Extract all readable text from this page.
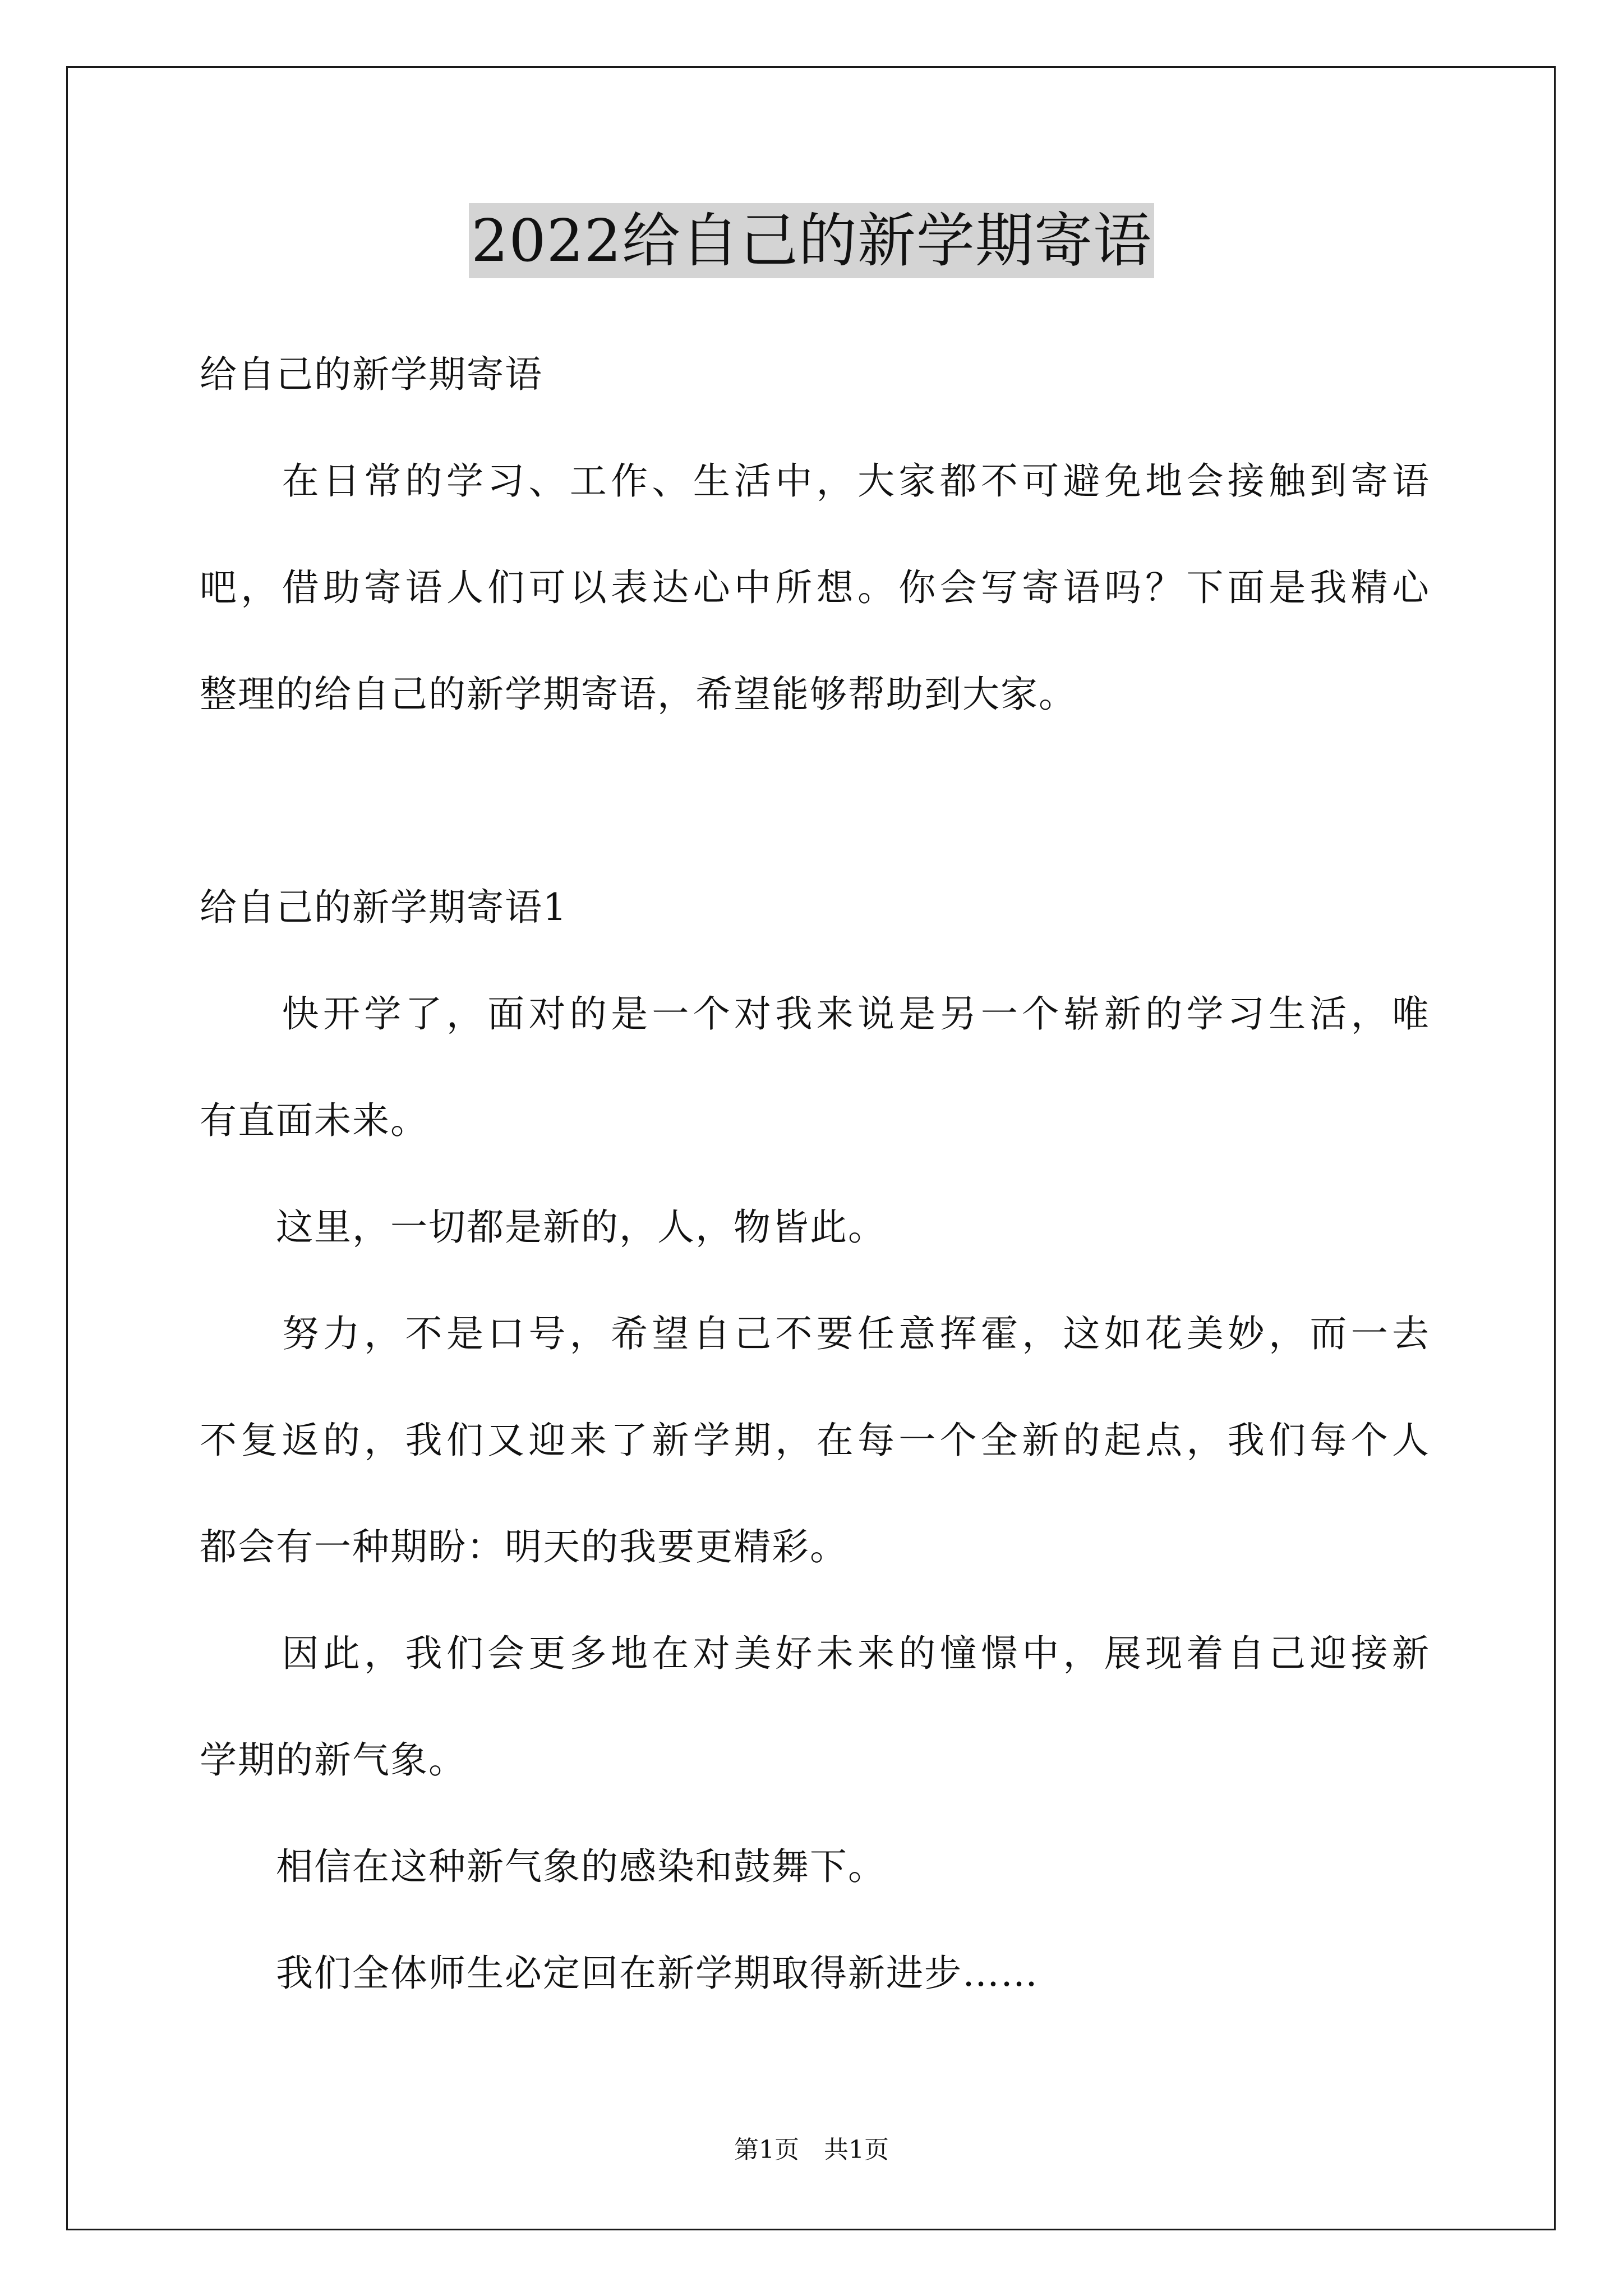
2022给自己的新学期寄语
给自己的新学期寄语
　　在日常的学习、工作、生活中，大家都不可避免地会接触到寄语
吧，借助寄语人们可以表达心中所想。你会写寄语吗？下面是我精心
整理的给自己的新学期寄语，希望能够帮助到大家。
给自己的新学期寄语1
　　快开学了，面对的是一个对我来说是另一个崭新的学习生活，唯
有直面未来。
　　这里，一切都是新的，人，物皆此。
　　努力，不是口号，希望自己不要任意挥霍，这如花美妙，而一去
不复返的，我们又迎来了新学期，在每一个全新的起点，我们每个人
都会有一种期盼：明天的我要更精彩。
　　因此，我们会更多地在对美好未来的憧憬中，展现着自己迎接新
学期的新气象。
　　相信在这种新气象的感染和鼓舞下。
　　我们全体师生必定回在新学期取得新进步……
第1页　共1页
